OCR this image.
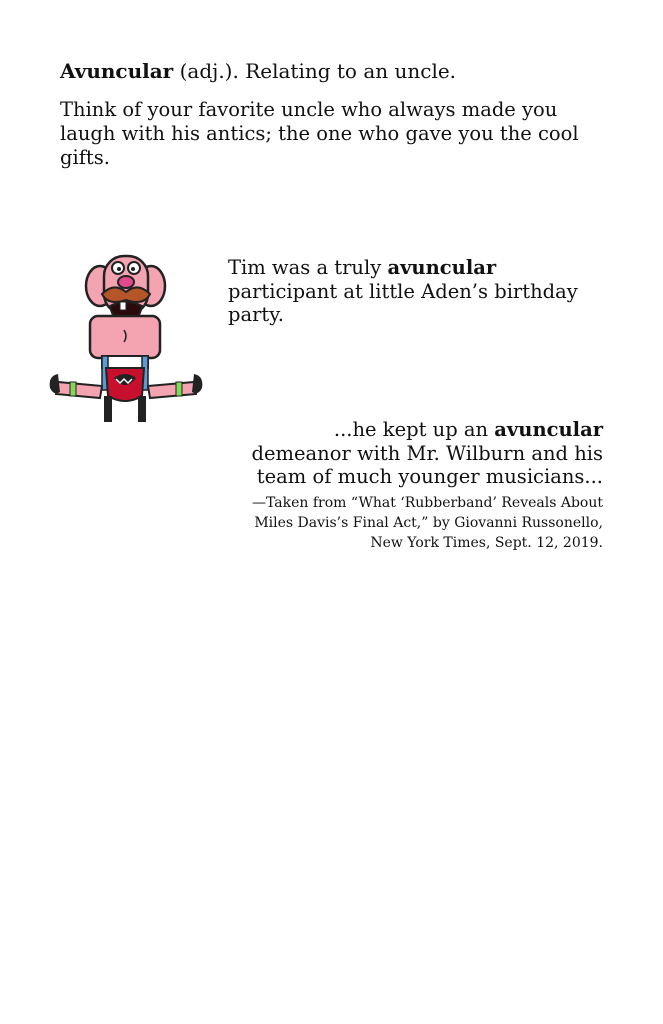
Avuncular (adj.). Relating to an uncle.

Think of your favorite uncle who always made you laugh with his antics; the one who gave you the cool gifts.

Tim was a truly avuncular participant at little Aden’s birthday party.

...he kept up an avuncular demeanor with Mr. Wilburn and his team of much younger musicians...

—Taken from “What ‘Rubberband’ Reveals About Miles Davis’s Final Act,” by Giovanni Russonello,
New York Times, Sept. 12, 2019.
